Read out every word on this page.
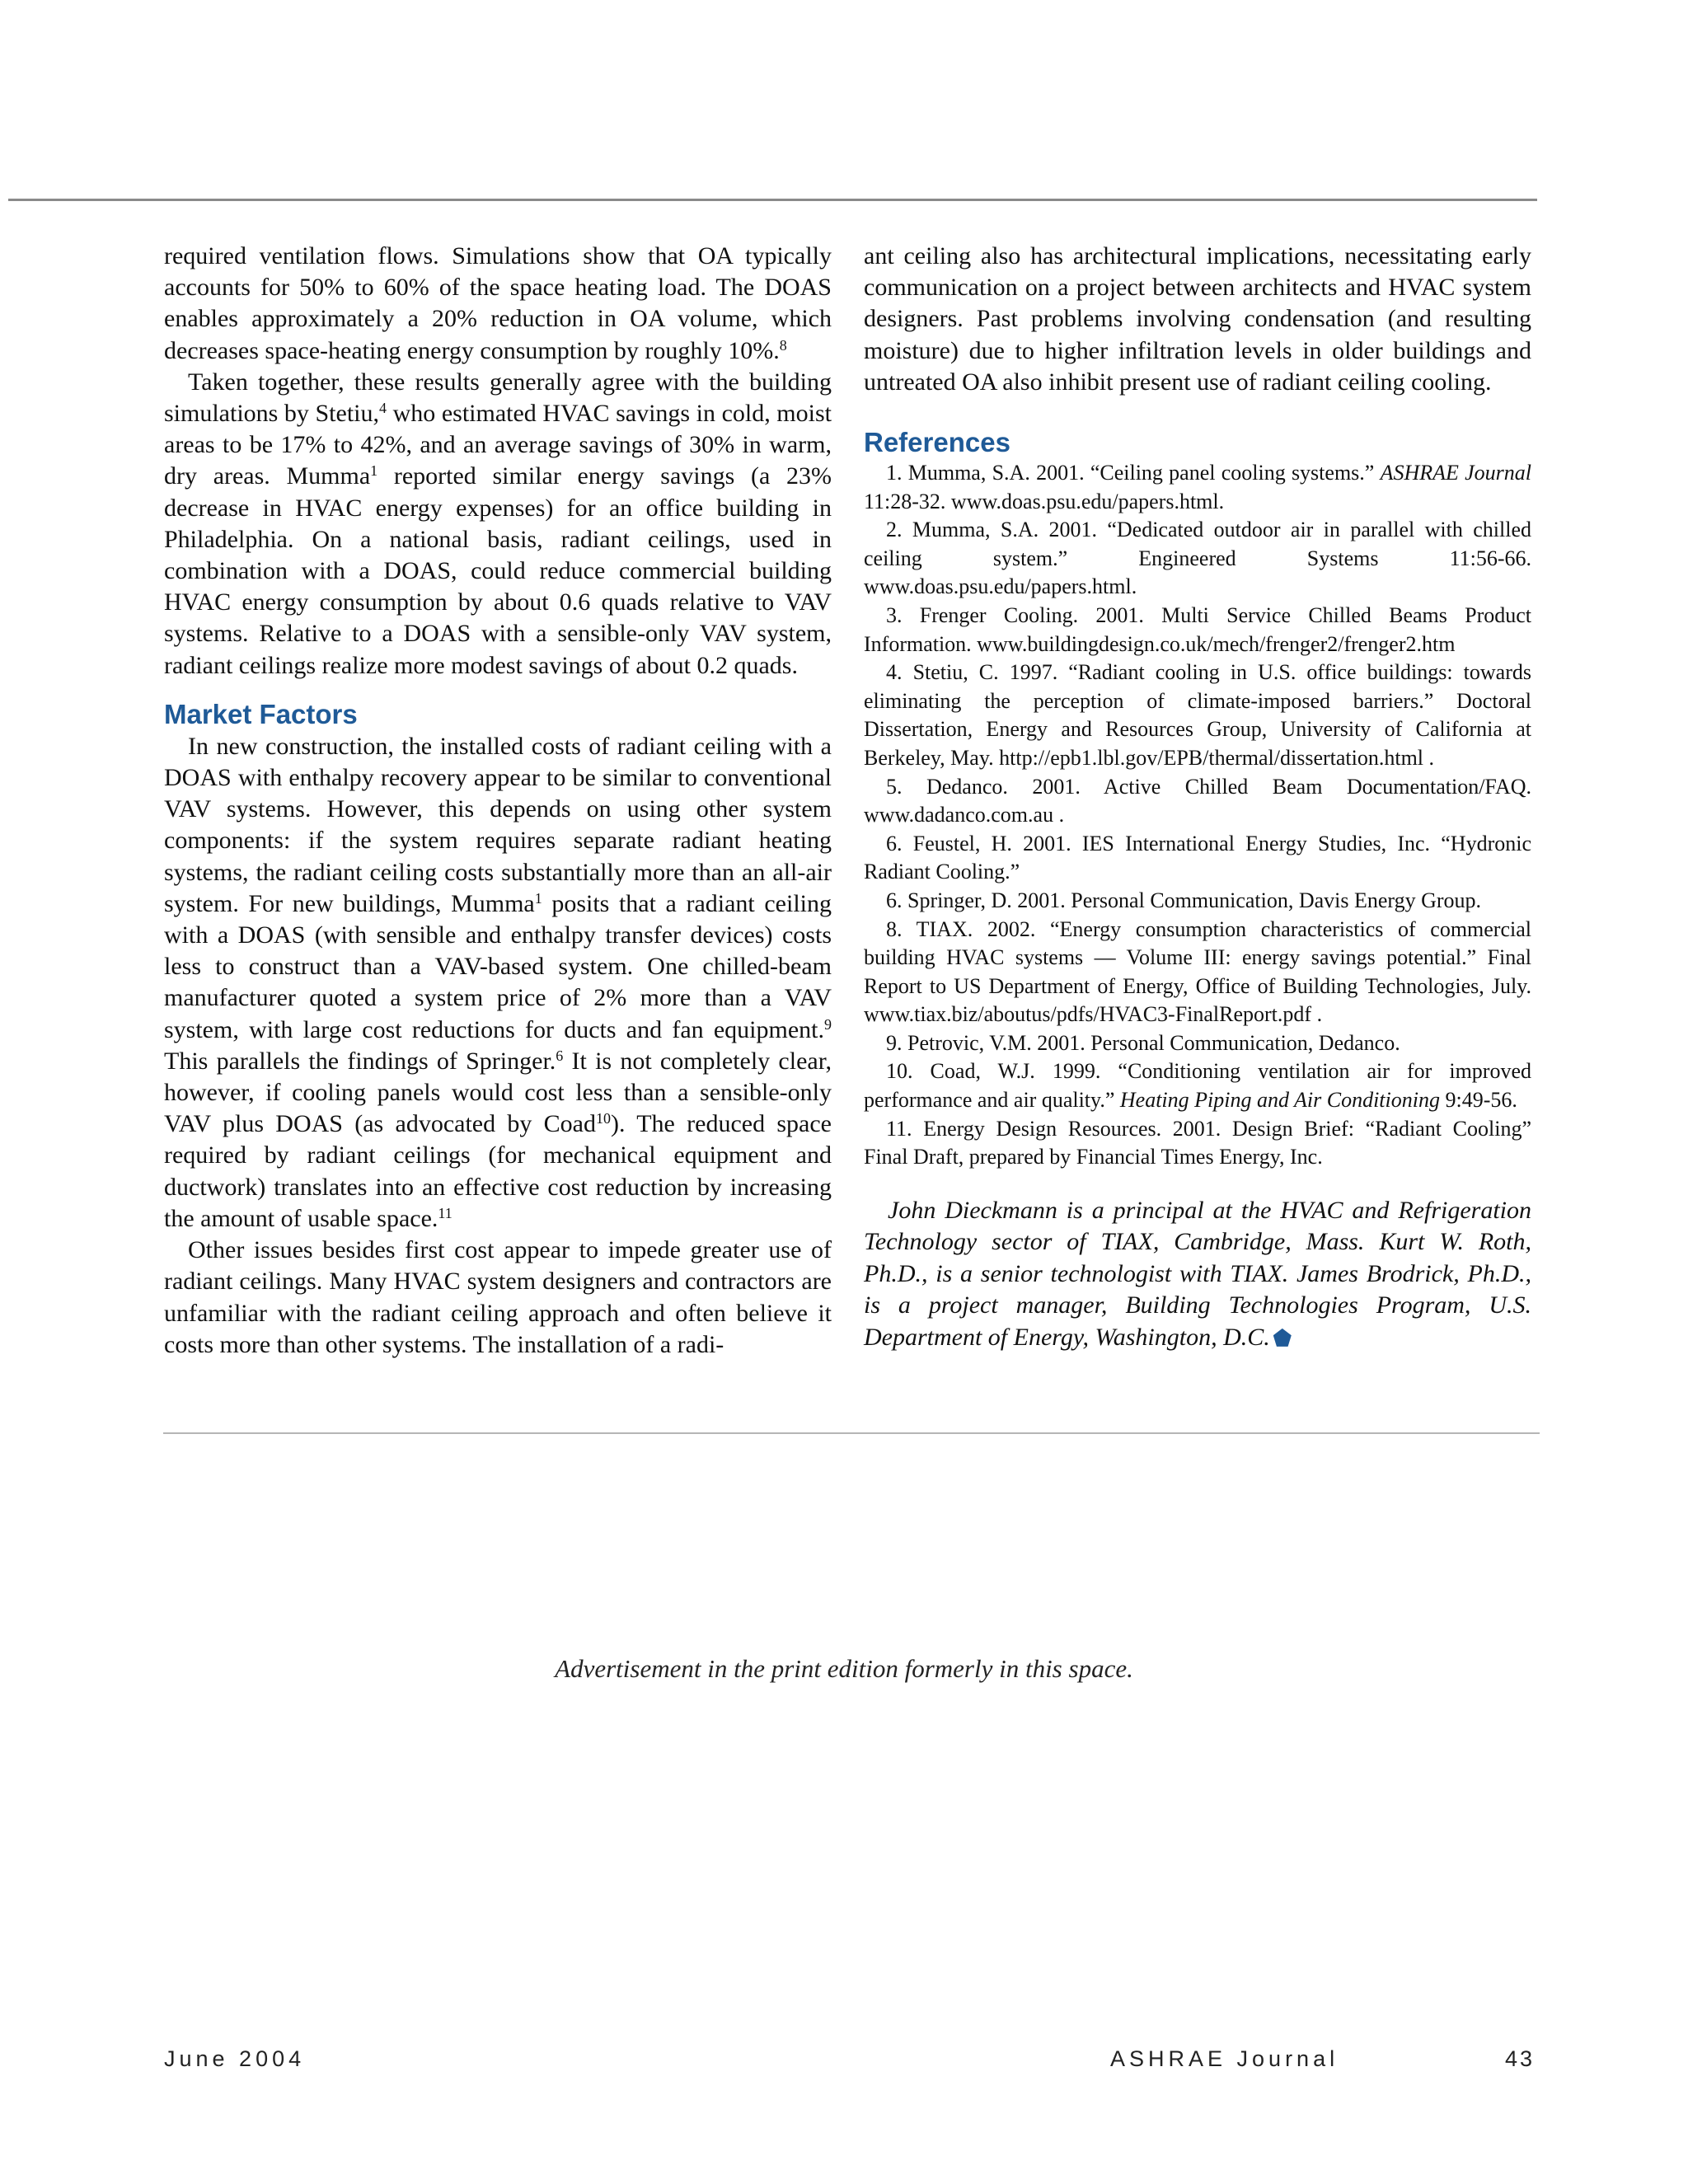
required ventilation flows. Simulations show that OA typically accounts for 50% to 60% of the space heating load. The DOAS enables approximately a 20% reduction in OA volume, which decreases space-heating energy consumption by roughly 10%.$^8$

Taken together, these results generally agree with the building simulations by Stetiu,$^4$ who estimated HVAC savings in cold, moist areas to be 17% to 42%, and an average savings of 30% in warm, dry areas. Mumma$^1$ reported similar energy savings (a 23% decrease in HVAC energy expenses) for an office building in Philadelphia. On a national basis, radiant ceilings, used in combination with a DOAS, could reduce commercial building HVAC energy consumption by about 0.6 quads relative to VAV systems. Relative to a DOAS with a sensible-only VAV system, radiant ceilings realize more modest savings of about 0.2 quads.

Market Factors

In new construction, the installed costs of radiant ceiling with a DOAS with enthalpy recovery appear to be similar to conventional VAV systems. However, this depends on using other system components: if the system requires separate radiant heating systems, the radiant ceiling costs substantially more than an all-air system. For new buildings, Mumma$^1$ posits that a radiant ceiling with a DOAS (with sensible and enthalpy transfer devices) costs less to construct than a VAV-based system. One chilled-beam manufacturer quoted a system price of 2% more than a VAV system, with large cost reductions for ducts and fan equipment.$^9$ This parallels the findings of Springer.$^6$ It is not completely clear, however, if cooling panels would cost less than a sensible-only VAV plus DOAS (as advocated by Coad$^{10}$). The reduced space required by radiant ceilings (for mechanical equipment and ductwork) translates into an effective cost reduction by increasing the amount of usable space.$^{11}$

Other issues besides first cost appear to impede greater use of radiant ceilings. Many HVAC system designers and contractors are unfamiliar with the radiant ceiling approach and often believe it costs more than other systems. The installation of a radi-

ant ceiling also has architectural implications, necessitating early communication on a project between architects and HVAC system designers. Past problems involving condensation (and resulting moisture) due to higher infiltration levels in older buildings and untreated OA also inhibit present use of radiant ceiling cooling.

References

1. Mumma, S.A. 2001. “Ceiling panel cooling systems.” ASHRAE Journal 11:28-32. www.doas.psu.edu/papers.html.

2. Mumma, S.A. 2001. “Dedicated outdoor air in parallel with chilled ceiling system.” Engineered Systems 11:56-66. www.doas.psu.edu/papers.html.

3. Frenger Cooling. 2001. Multi Service Chilled Beams Product Information. www.buildingdesign.co.uk/mech/frenger2/frenger2.htm

4. Stetiu, C. 1997. “Radiant cooling in U.S. office buildings: towards eliminating the perception of climate-imposed barriers.” Doctoral Dissertation, Energy and Resources Group, University of California at Berkeley, May. http://epb1.lbl.gov/EPB/thermal/dissertation.html .

5. Dedanco. 2001. Active Chilled Beam Documentation/FAQ. www.dadanco.com.au .

6. Feustel, H. 2001. IES International Energy Studies, Inc. “Hydronic Radiant Cooling.”

6. Springer, D. 2001. Personal Communication, Davis Energy Group.

8. TIAX. 2002. “Energy consumption characteristics of commercial building HVAC systems — Volume III: energy savings potential.” Final Report to US Department of Energy, Office of Building Technologies, July. www.tiax.biz/aboutus/pdfs/HVAC3-FinalReport.pdf .

9. Petrovic, V.M. 2001. Personal Communication, Dedanco.

10. Coad, W.J. 1999. “Conditioning ventilation air for improved performance and air quality.” Heating Piping and Air Conditioning 9:49-56.

11. Energy Design Resources. 2001. Design Brief: “Radiant Cooling” Final Draft, prepared by Financial Times Energy, Inc.

John Dieckmann is a principal at the HVAC and Refrigeration Technology sector of TIAX, Cambridge, Mass. Kurt W. Roth, Ph.D., is a senior technologist with TIAX. James Brodrick, Ph.D., is a project manager, Building Technologies Program, U.S. Department of Energy, Washington, D.C.

Advertisement in the print edition formerly in this space.
June 2004	ASHRAE Journal	43
